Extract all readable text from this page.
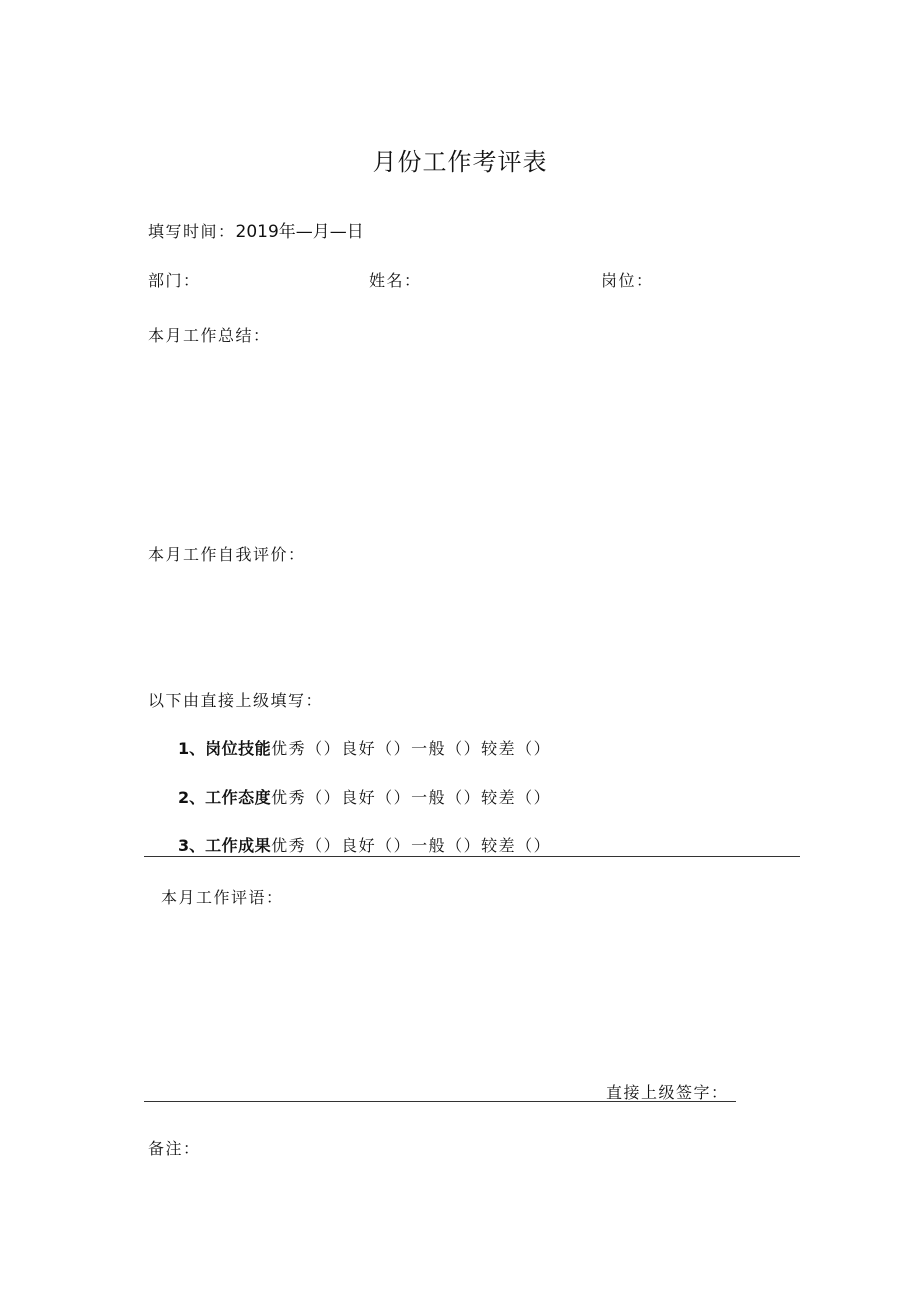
月份工作考评表
填写时间：2019年—月—日
部门：	姓名：	岗位：
本月工作总结：
本月工作自我评价：
以下由直接上级填写：
1、岗位技能优秀（）良好（）一般（）较差（）
2、工作态度优秀（）良好（）一般（）较差（）
3、工作成果优秀（）良好（）一般（）较差（）
本月工作评语：
直接上级签字：
备注：
